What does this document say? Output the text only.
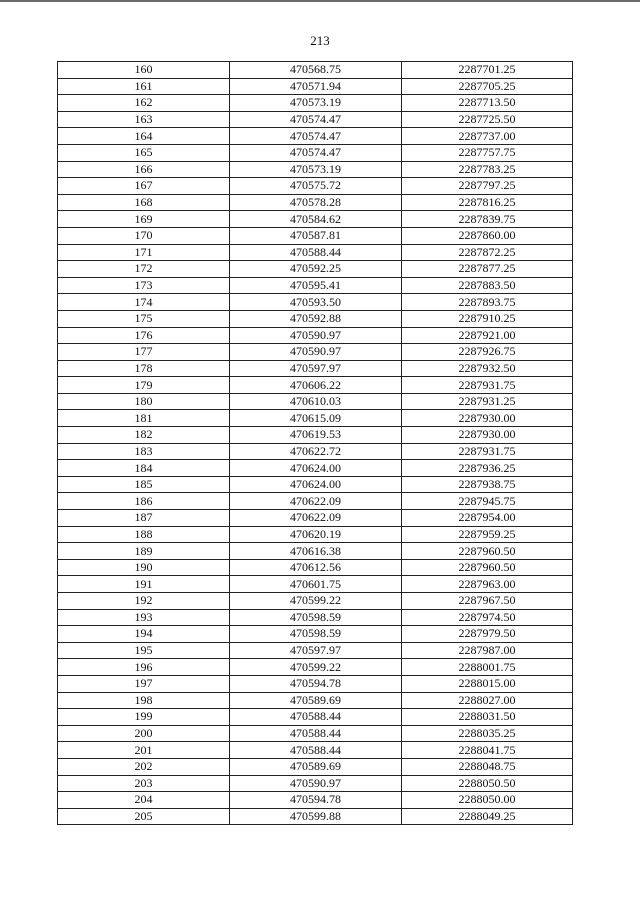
213
160	470568.75	2287701.25
161	470571.94	2287705.25
162	470573.19	2287713.50
163	470574.47	2287725.50
164	470574.47	2287737.00
165	470574.47	2287757.75
166	470573.19	2287783.25
167	470575.72	2287797.25
168	470578.28	2287816.25
169	470584.62	2287839.75
170	470587.81	2287860.00
171	470588.44	2287872.25
172	470592.25	2287877.25
173	470595.41	2287883.50
174	470593.50	2287893.75
175	470592.88	2287910.25
176	470590.97	2287921.00
177	470590.97	2287926.75
178	470597.97	2287932.50
179	470606.22	2287931.75
180	470610.03	2287931.25
181	470615.09	2287930.00
182	470619.53	2287930.00
183	470622.72	2287931.75
184	470624.00	2287936.25
185	470624.00	2287938.75
186	470622.09	2287945.75
187	470622.09	2287954.00
188	470620.19	2287959.25
189	470616.38	2287960.50
190	470612.56	2287960.50
191	470601.75	2287963.00
192	470599.22	2287967.50
193	470598.59	2287974.50
194	470598.59	2287979.50
195	470597.97	2287987.00
196	470599.22	2288001.75
197	470594.78	2288015.00
198	470589.69	2288027.00
199	470588.44	2288031.50
200	470588.44	2288035.25
201	470588.44	2288041.75
202	470589.69	2288048.75
203	470590.97	2288050.50
204	470594.78	2288050.00
205	470599.88	2288049.25
